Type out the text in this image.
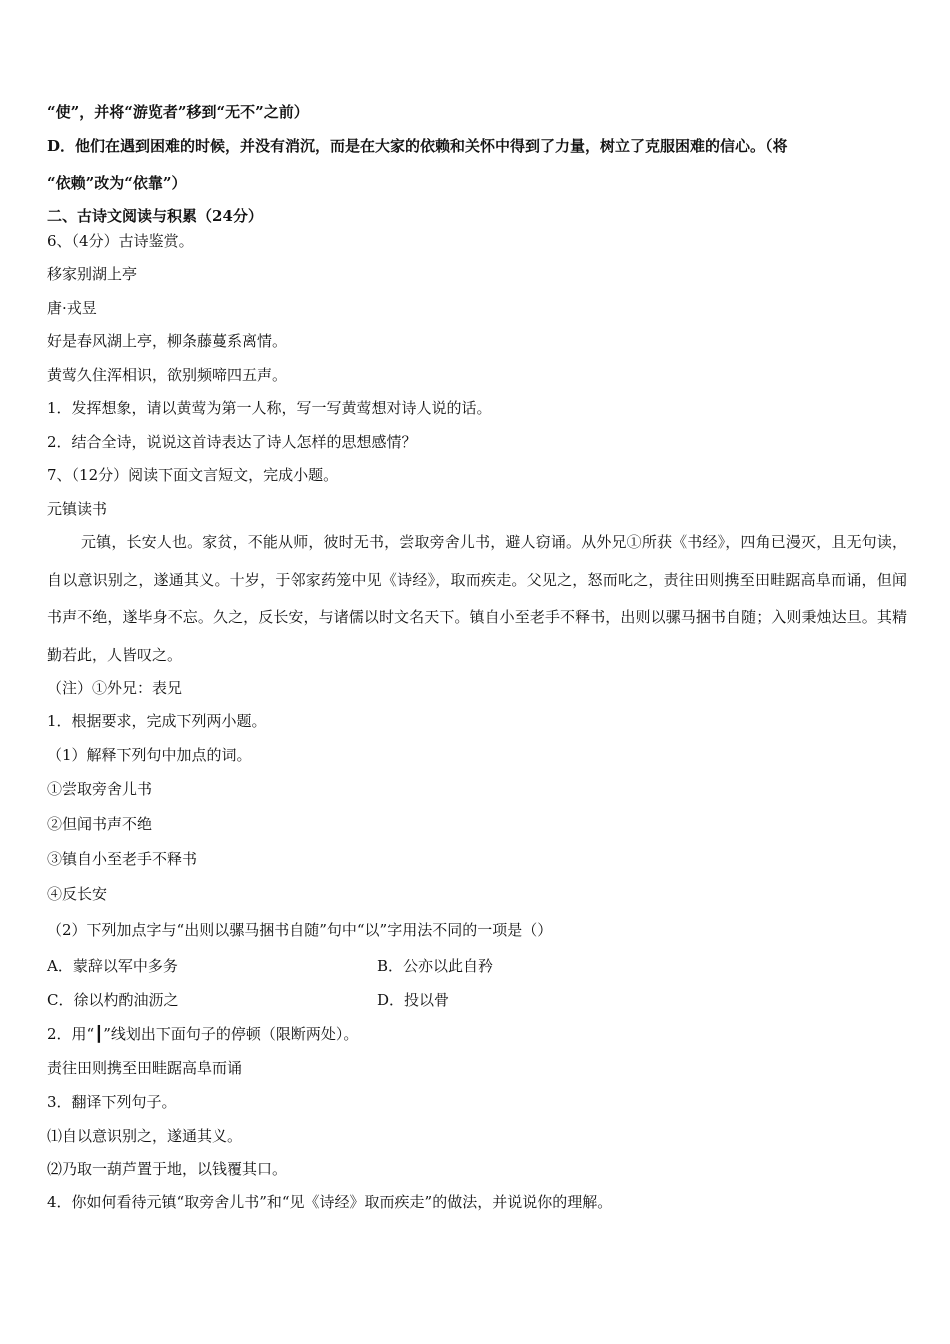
“使”，并将“游览者”移到“无不”之前）
D．他们在遇到困难的时候，并没有消沉，而是在大家的依赖和关怀中得到了力量，树立了克服困难的信心。（将
“依赖”改为“依靠”）
二、古诗文阅读与积累（24分）
6、（4分）古诗鉴赏。
移家别湖上亭
唐·戎昱
好是春风湖上亭，柳条藤蔓系离情。
黄莺久住浑相识，欲别频啼四五声。
1．发挥想象，请以黄莺为第一人称，写一写黄莺想对诗人说的话。
2．结合全诗，说说这首诗表达了诗人怎样的思想感情？
7、（12分）阅读下面文言短文，完成小题。
元镇读书
元镇，长安人也。家贫，不能从师，彼时无书，尝取旁舍儿书，避人窃诵。从外兄①所获《书经》，四角已漫灭，且无句读，自以意识别之，遂通其义。十岁，于邻家药笼中见《诗经》，取而疾走。父见之，怒而叱之，责往田则携至田畦踞高阜而诵，但闻书声不绝，遂毕身不忘。久之，反长安，与诸儒以时文名天下。镇自小至老手不释书，出则以骡马捆书自随；入则秉烛达旦。其精勤若此，人皆叹之。
（注）①外兄：表兄
1．根据要求，完成下列两小题。
（1）解释下列句中加点的词。
①尝取旁舍儿书
②但闻书声不绝
③镇自小至老手不释书
④反长安
（2）下列加点字与“出则以骡马捆书自随”句中“以”字用法不同的一项是（）
A．蒙辞以军中多务	B．公亦以此自矜
C．徐以杓酌油沥之	D．投以骨
2．用“┃”线划出下面句子的停顿（限断两处）。
责往田则携至田畦踞高阜而诵
3．翻译下列句子。
⑴自以意识别之，遂通其义。
⑵乃取一葫芦置于地，以钱覆其口。
4．你如何看待元镇“取旁舍儿书”和“见《诗经》取而疾走”的做法，并说说你的理解。
